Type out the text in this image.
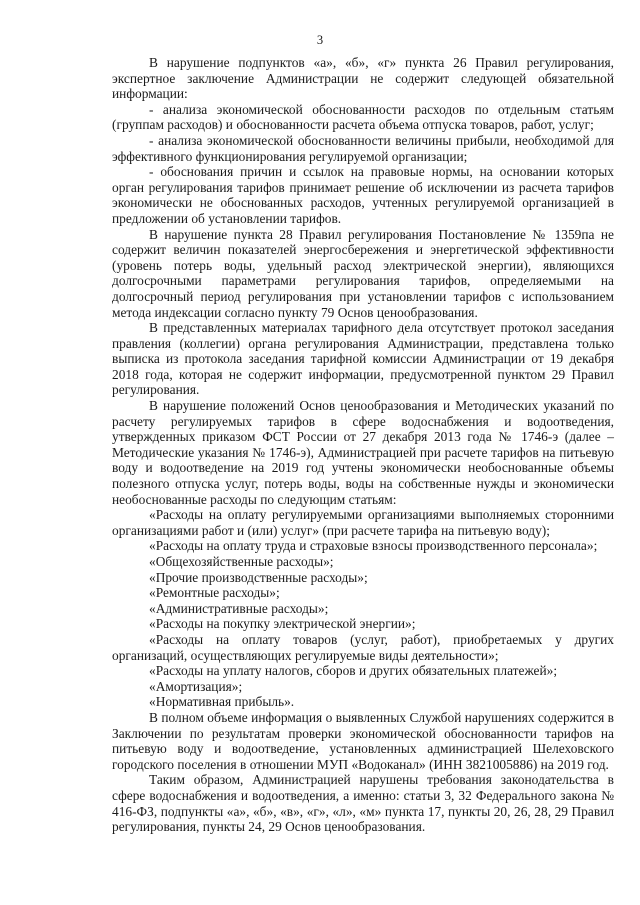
3

В нарушение подпунктов «а», «б», «г» пункта 26 Правил регулирования, экспертное заключение Администрации не содержит следующей обязательной информации:

- анализа экономической обоснованности расходов по отдельным статьям (группам расходов) и обоснованности расчета объема отпуска товаров, работ, услуг;

- анализа экономической обоснованности величины прибыли, необходимой для эффективного функционирования регулируемой организации;

- обоснования причин и ссылок на правовые нормы, на основании которых орган регулирования тарифов принимает решение об исключении из расчета тарифов экономически не обоснованных расходов, учтенных регулируемой организацией в предложении об установлении тарифов.

В нарушение пункта 28 Правил регулирования Постановление № 1359па не содержит величин показателей энергосбережения и энергетической эффективности (уровень потерь воды, удельный расход электрической энергии), являющихся долгосрочными параметрами регулирования тарифов, определяемыми на долгосрочный период регулирования при установлении тарифов с использованием метода индексации согласно пункту 79 Основ ценообразования.

В представленных материалах тарифного дела отсутствует протокол заседания правления (коллегии) органа регулирования Администрации, представлена только выписка из протокола заседания тарифной комиссии Администрации от 19 декабря 2018 года, которая не содержит информации, предусмотренной пунктом 29 Правил регулирования.

В нарушение положений Основ ценообразования и Методических указаний по расчету регулируемых тарифов в сфере водоснабжения и водоотведения, утвержденных приказом ФСТ России от 27 декабря 2013 года № 1746-э (далее – Методические указания № 1746-э), Администрацией при расчете тарифов на питьевую воду и водоотведение на 2019 год учтены экономически необоснованные объемы полезного отпуска услуг, потерь воды, воды на собственные нужды и экономически необоснованные расходы по следующим статьям:

«Расходы на оплату регулируемыми организациями выполняемых сторонними организациями работ и (или) услуг» (при расчете тарифа на питьевую воду);

«Расходы на оплату труда и страховые взносы производственного персонала»;

«Общехозяйственные расходы»;

«Прочие производственные расходы»;

«Ремонтные расходы»;

«Административные расходы»;

«Расходы на покупку электрической энергии»;

«Расходы на оплату товаров (услуг, работ), приобретаемых у других организаций, осуществляющих регулируемые виды деятельности»;

«Расходы на уплату налогов, сборов и других обязательных платежей»;

«Амортизация»;

«Нормативная прибыль».

В полном объеме информация о выявленных Службой нарушениях содержится в Заключении по результатам проверки экономической обоснованности тарифов на питьевую воду и водоотведение, установленных администрацией Шелеховского городского поселения в отношении МУП «Водоканал» (ИНН 3821005886) на 2019 год.

Таким образом, Администрацией нарушены требования законодательства в сфере водоснабжения и водоотведения, а именно: статьи 3, 32 Федерального закона № 416-ФЗ, подпункты «а», «б», «в», «г», «л», «м» пункта 17, пункты 20, 26, 28, 29 Правил регулирования, пункты 24, 29 Основ ценообразования.
